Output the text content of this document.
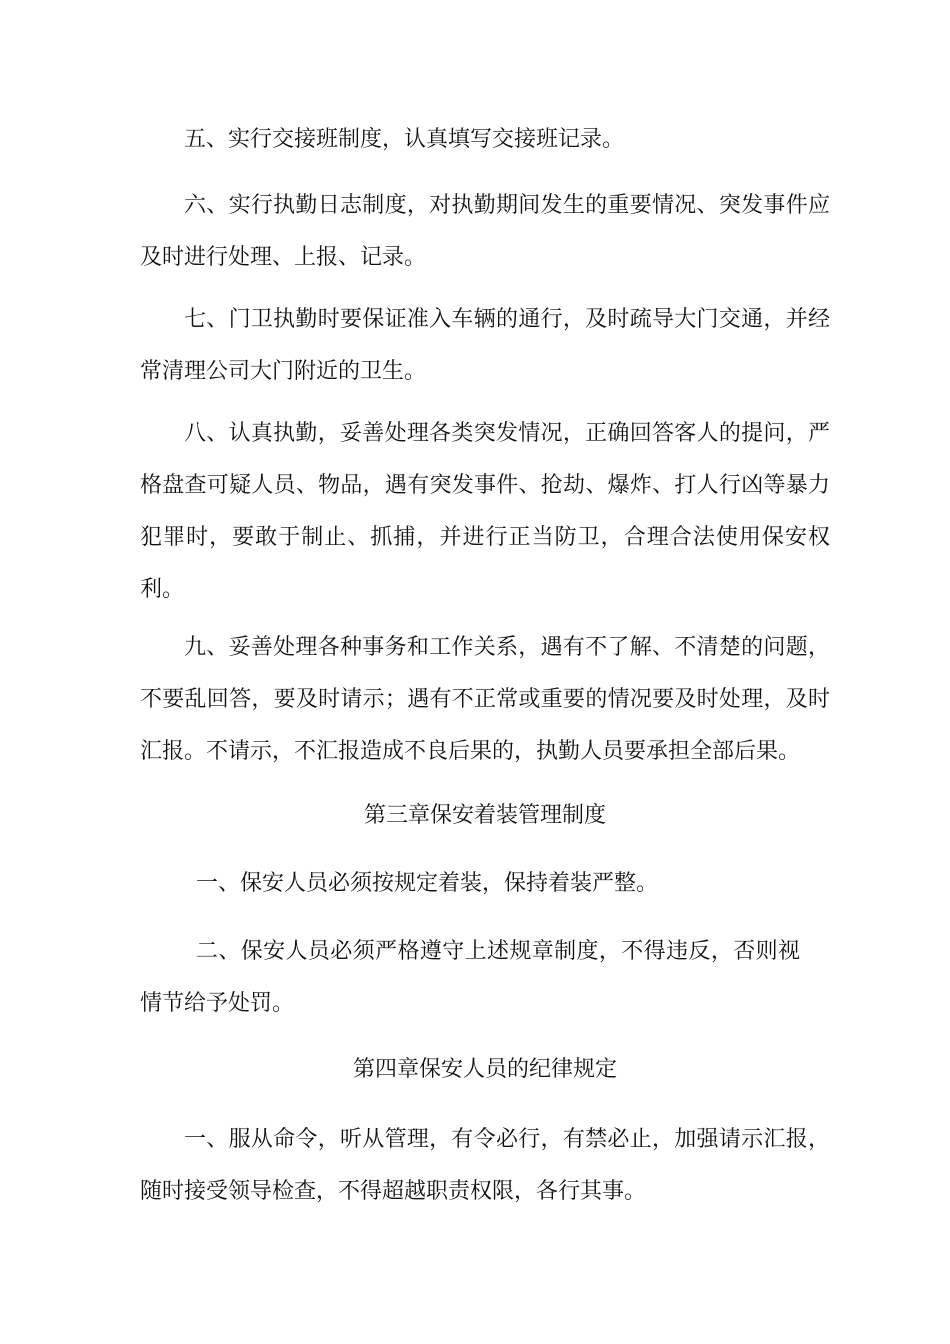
五、实行交接班制度，认真填写交接班记录。

六、实行执勤日志制度，对执勤期间发生的重要情况、突发事件应及时进行处理、上报、记录。

七、门卫执勤时要保证准入车辆的通行，及时疏导大门交通，并经常清理公司大门附近的卫生。

八、认真执勤，妥善处理各类突发情况，正确回答客人的提问，严格盘查可疑人员、物品，遇有突发事件、抢劫、爆炸、打人行凶等暴力犯罪时，要敢于制止、抓捕，并进行正当防卫，合理合法使用保安权利。

九、妥善处理各种事务和工作关系，遇有不了解、不清楚的问题，不要乱回答，要及时请示；遇有不正常或重要的情况要及时处理，及时汇报。不请示，不汇报造成不良后果的，执勤人员要承担全部后果。

第三章保安着装管理制度

一、保安人员必须按规定着装，保持着装严整。

二、保安人员必须严格遵守上述规章制度，不得违反，否则视情节给予处罚。

第四章保安人员的纪律规定

一、服从命令，听从管理，有令必行，有禁必止，加强请示汇报，随时接受领导检查，不得超越职责权限，各行其事。
